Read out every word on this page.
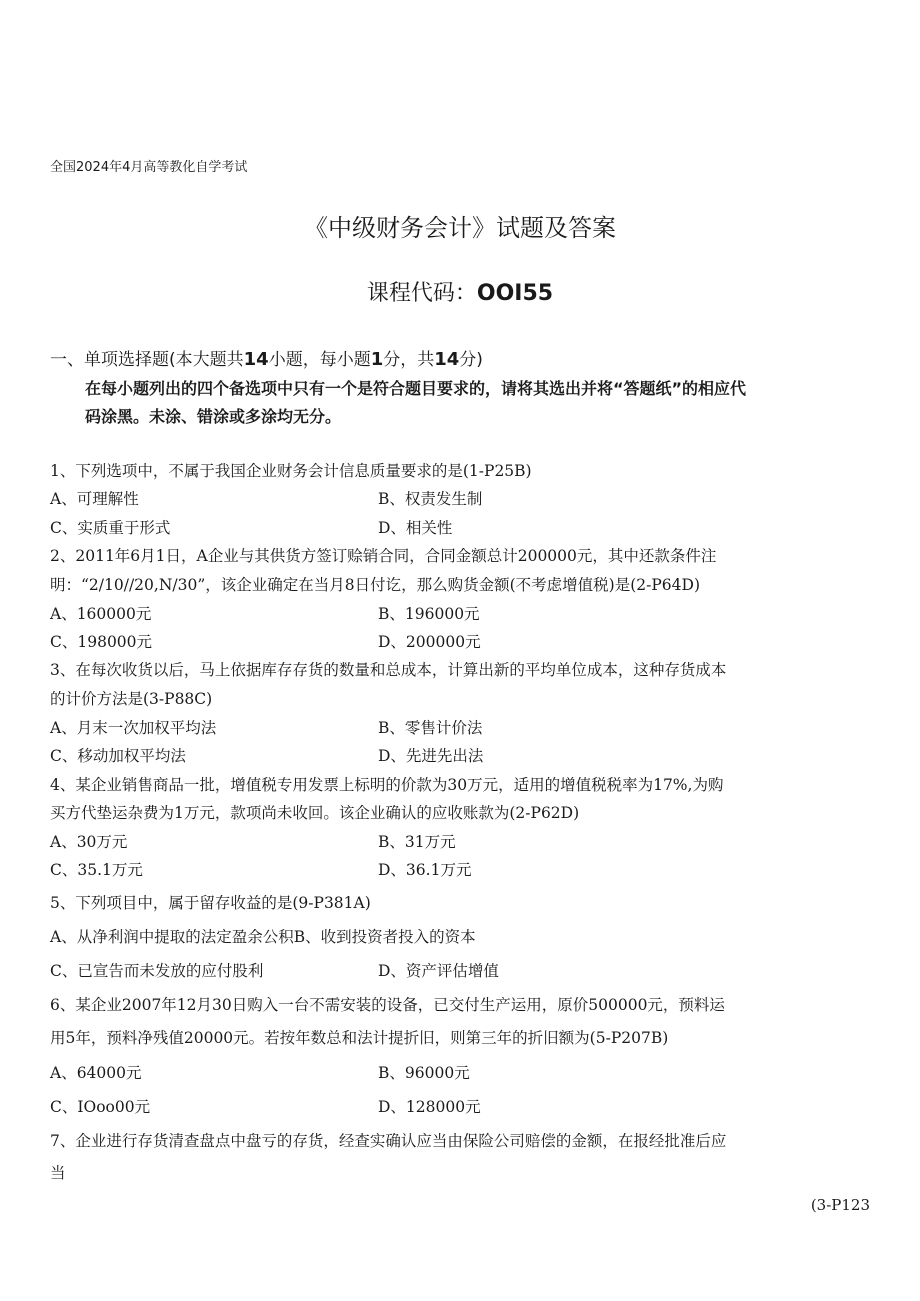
全国2024年4月高等教化自学考试
《中级财务会计》试题及答案
课程代码：OOI55
一、单项选择题(本大题共14小题，每小题1分，共14分)
在每小题列出的四个备选项中只有一个是符合题目要求的，请将其选出并将“答题纸”的相应代
码涂黑。未涂、错涂或多涂均无分。
1、下列选项中，不属于我国企业财务会计信息质量要求的是(1-P25B)
A、可理解性	B、权责发生制
C、实质重于形式	D、相关性
2、2011年6月1日，A企业与其供货方签订赊销合同，合同金额总计200000元，其中还款条件注
明：“2/10//20,N/30”，该企业确定在当月8日付讫，那么购货金额(不考虑增值税)是(2-P64D)
A、160000元	B、196000元
C、198000元	D、200000元
3、在每次收货以后，马上依据库存存货的数量和总成本，计算出新的平均单位成本，这种存货成本
的计价方法是(3-P88C)
A、月末一次加权平均法	B、零售计价法
C、移动加权平均法	D、先进先出法
4、某企业销售商品一批，增值税专用发票上标明的价款为30万元，适用的增值税税率为17%,为购
买方代垫运杂费为1万元，款项尚未收回。该企业确认的应收账款为(2-P62D)
A、30万元	B、31万元
C、35.1万元	D、36.1万元
5、下列项目中，属于留存收益的是(9-P381A)
A、从净利润中提取的法定盈余公积B、收到投资者投入的资本
C、已宣告而未发放的应付股利	D、资产评估增值
6、某企业2007年12月30日购入一台不需安装的设备，已交付生产运用，原价500000元，预料运
用5年，预料净残值20000元。若按年数总和法计提折旧，则第三年的折旧额为(5-P207B)
A、64000元	B、96000元
C、IOoo00元	D、128000元
7、企业进行存货清查盘点中盘亏的存货，经查实确认应当由保险公司赔偿的金额，在报经批准后应
当
(3-P123
